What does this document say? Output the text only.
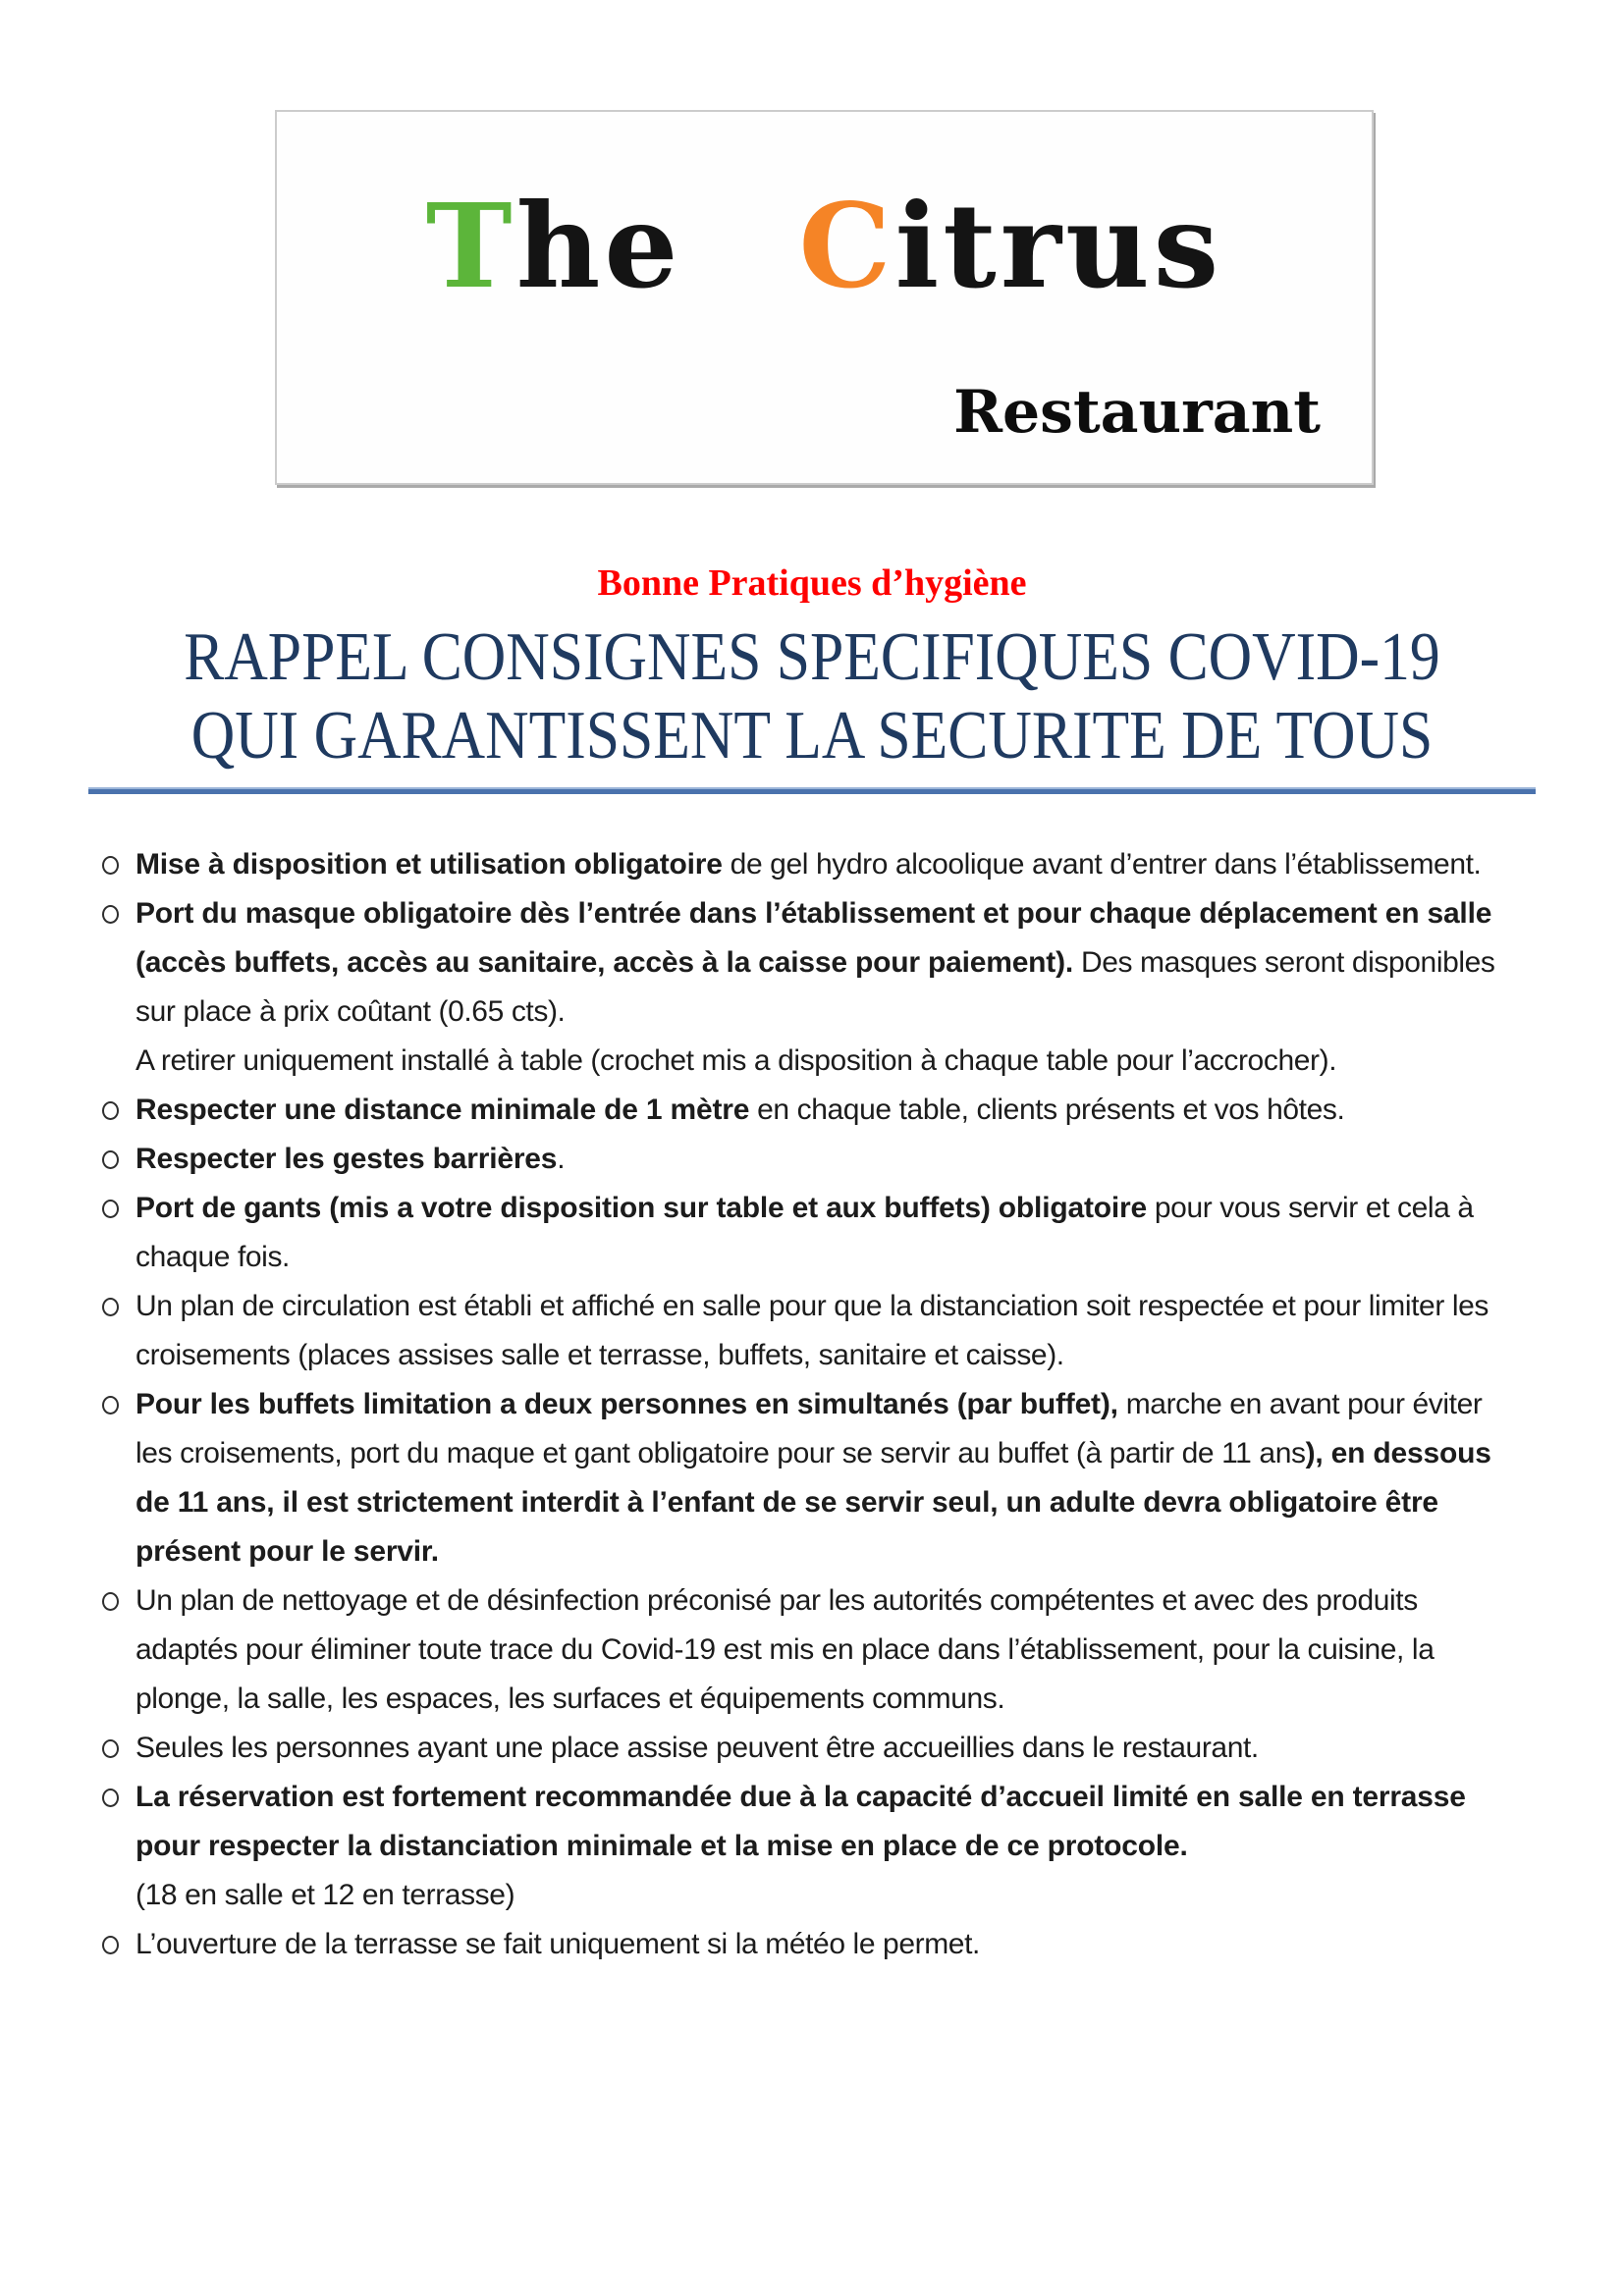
The Citrus
Restaurant
Bonne Pratiques d’hygiène
RAPPEL CONSIGNES SPECIFIQUES COVID-19
QUI GARANTISSENT LA SECURITE DE TOUS

Mise à disposition et utilisation obligatoire de gel hydro alcoolique avant d’entrer dans l’établissement.

Port du masque obligatoire dès l’entrée dans l’établissement et pour chaque déplacement en salle (accès buffets, accès au sanitaire, accès à la caisse pour paiement). Des masques seront disponibles sur place à prix coûtant (0.65 cts).

A retirer uniquement installé à table (crochet mis a disposition à chaque table pour l’accrocher).

Respecter une distance minimale de 1 mètre en chaque table, clients présents et vos hôtes.

Respecter les gestes barrières.

Port de gants (mis a votre disposition sur table et aux buffets) obligatoire pour vous servir et cela à chaque fois.

Un plan de circulation est établi et affiché en salle pour que la distanciation soit respectée et pour limiter les croisements (places assises salle et terrasse, buffets, sanitaire et caisse).

Pour les buffets limitation a deux personnes en simultanés (par buffet), marche en avant pour éviter les croisements, port du maque et gant obligatoire pour se servir au buffet (à partir de 11 ans), en dessous de 11 ans, il est strictement interdit à l’enfant de se servir seul, un adulte devra obligatoire être présent pour le servir.

Un plan de nettoyage et de désinfection préconisé par les autorités compétentes et avec des produits adaptés pour éliminer toute trace du Covid-19 est mis en place dans l’établissement, pour la cuisine, la plonge, la salle, les espaces, les surfaces et équipements communs.

Seules les personnes ayant une place assise peuvent être accueillies dans le restaurant.

La réservation est fortement recommandée due à la capacité d’accueil limité en salle en terrasse pour respecter la distanciation minimale et la mise en place de ce protocole.

(18 en salle et 12 en terrasse)

L’ouverture de la terrasse se fait uniquement si la météo le permet.
